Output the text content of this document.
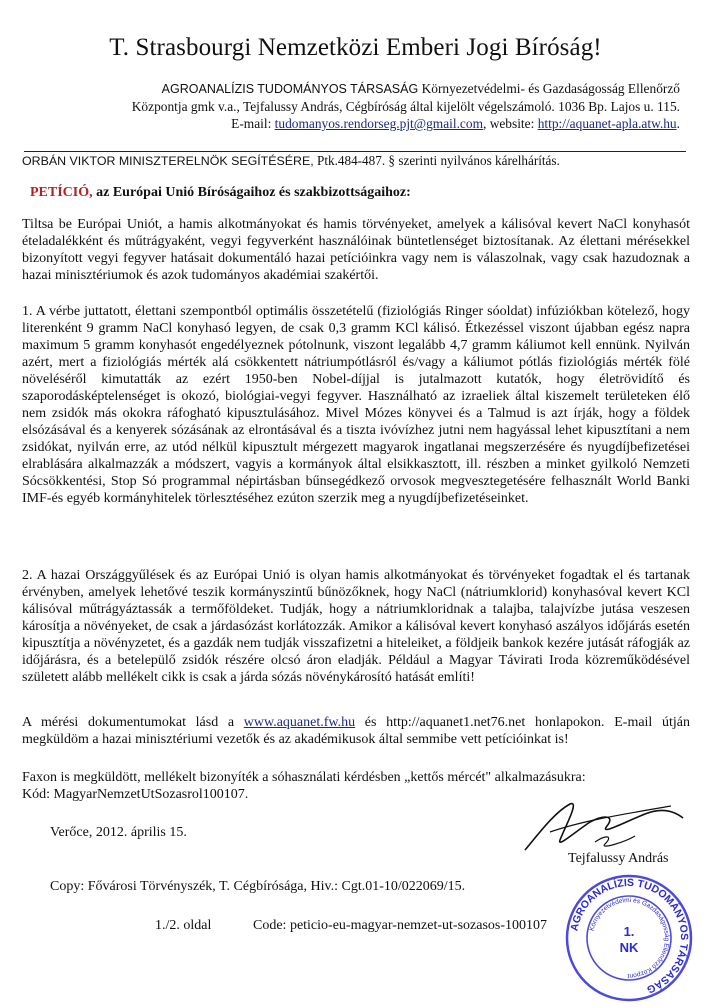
T. Strasbourgi Nemzetközi Emberi Jogi Bíróság!
AGROANALÍZIS TUDOMÁNYOS TÁRSASÁG Környezetvédelmi- és Gazdaságosság Ellenőrző
Központja gmk v.a., Tejfalussy András, Cégbíróság által kijelölt végelszámoló. 1036 Bp. Lajos u. 115.
E-mail: tudomanyos.rendorseg.pjt@gmail.com, website: http://aquanet-apla.atw.hu.
ORBÁN VIKTOR MINISZTERELNÖK SEGÍTÉSÉRE, Ptk.484-487. § szerinti nyilvános kárelhárítás.
PETÍCIÓ, az Európai Unió Bíróságaihoz és szakbizottságaihoz:
Tiltsa be Európai Uniót, a hamis alkotmányokat és hamis törvényeket, amelyek a kálisóval kevert NaCl konyhasót ételadalékként és műtrágyaként, vegyi fegyverként használóinak büntetlenséget biztosítanak. Az élettani mérésekkel bizonyított vegyi fegyver hatásait dokumentáló hazai petícióinkra vagy nem is válaszolnak, vagy csak hazudoznak a hazai minisztériumok és azok tudományos akadémiai szakértői.
1. A vérbe juttatott, élettani szempontból optimális összetételű (fiziológiás Ringer sóoldat) infúziókban kötelező, hogy literenként 9 gramm NaCl konyhasó legyen, de csak 0,3 gramm KCl kálisó. Étkezéssel viszont újabban egész napra maximum 5 gramm konyhasót engedélyeznek pótolnunk, viszont legalább 4,7 gramm káliumot kell ennünk. Nyilván azért, mert a fiziológiás mérték alá csökkentett nátriumpótlásról és/vagy a káliumot pótlás fiziológiás mérték fölé növeléséről kimutatták az ezért 1950-ben Nobel-díjjal is jutalmazott kutatók, hogy életrövidítő és szaporodásképtelenséget is okozó, biológiai-vegyi fegyver. Használható az izraeliek által kiszemelt területeken élő nem zsidók más okokra ráfogható kipusztulásához. Mivel Mózes könyvei és a Talmud is azt írják, hogy a földek elsózásával és a kenyerek sózásának az elrontásával és a tiszta ivóvízhez jutni nem hagyással lehet kipusztítani a nem zsidókat, nyilván erre, az utód nélkül kipusztult mérgezett magyarok ingatlanai megszerzésére és nyugdíjbefizetései elrablására alkalmazzák a módszert, vagyis a kormányok által elsikkasztott, ill. részben a minket gyilkoló Nemzeti Sócsökkentési, Stop Só programmal népirtásban bűnsegédkező orvosok megvesztegetésére felhasznált World Banki IMF-és egyéb kormányhitelek törlesztéséhez ezúton szerzik meg a nyugdíjbefizetéseinket.
2. A hazai Országgyűlések és az Európai Unió is olyan hamis alkotmányokat és törvényeket fogadtak el és tartanak érvényben, amelyek lehetővé teszik kormányszintű bűnözőknek, hogy NaCl (nátriumklorid) konyhasóval kevert KCl kálisóval műtrágyáztassák a termőföldeket. Tudják, hogy a nátriumkloridnak a talajba, talajvízbe jutása veszesen károsítja a növényeket, de csak a járdasózást korlátozzák. Amikor a kálisóval kevert konyhasó aszályos időjárás esetén kipusztítja a növényzetet, és a gazdák nem tudják visszafizetni a hiteleiket, a földjeik bankok kezére jutását ráfogják az időjárásra, és a betelepülő zsidók részére olcsó áron eladják. Például a Magyar Távirati Iroda közreműködésével született alább mellékelt cikk is csak a járda sózás növénykárosító hatását említi!
A mérési dokumentumokat lásd a www.aquanet.fw.hu és http://aquanet1.net76.net honlapokon. E-mail útján megküldöm a hazai minisztériumi vezetők és az akadémikusok által semmibe vett petícióinkat is!
Faxon is megküldött, mellékelt bizonyíték a sóhasználati kérdésben „kettős mércét" alkalmazásukra:
Kód: MagyarNemzetUtSozasrol100107.
Verőce, 2012. április 15.
Tejfalussy András
Copy: Fővárosi Törvényszék, T. Cégbírósága, Hiv.: Cgt.01-10/022069/15.
1./2. oldal	Code: peticio-eu-magyar-nemzet-ut-sozasos-100107 AGROANALÍZIS TUDOMÁNYOS TÁRSASÁG
Környezetvédelmi és Gazdaságosság Ellenőrző Központ
1.
NK
